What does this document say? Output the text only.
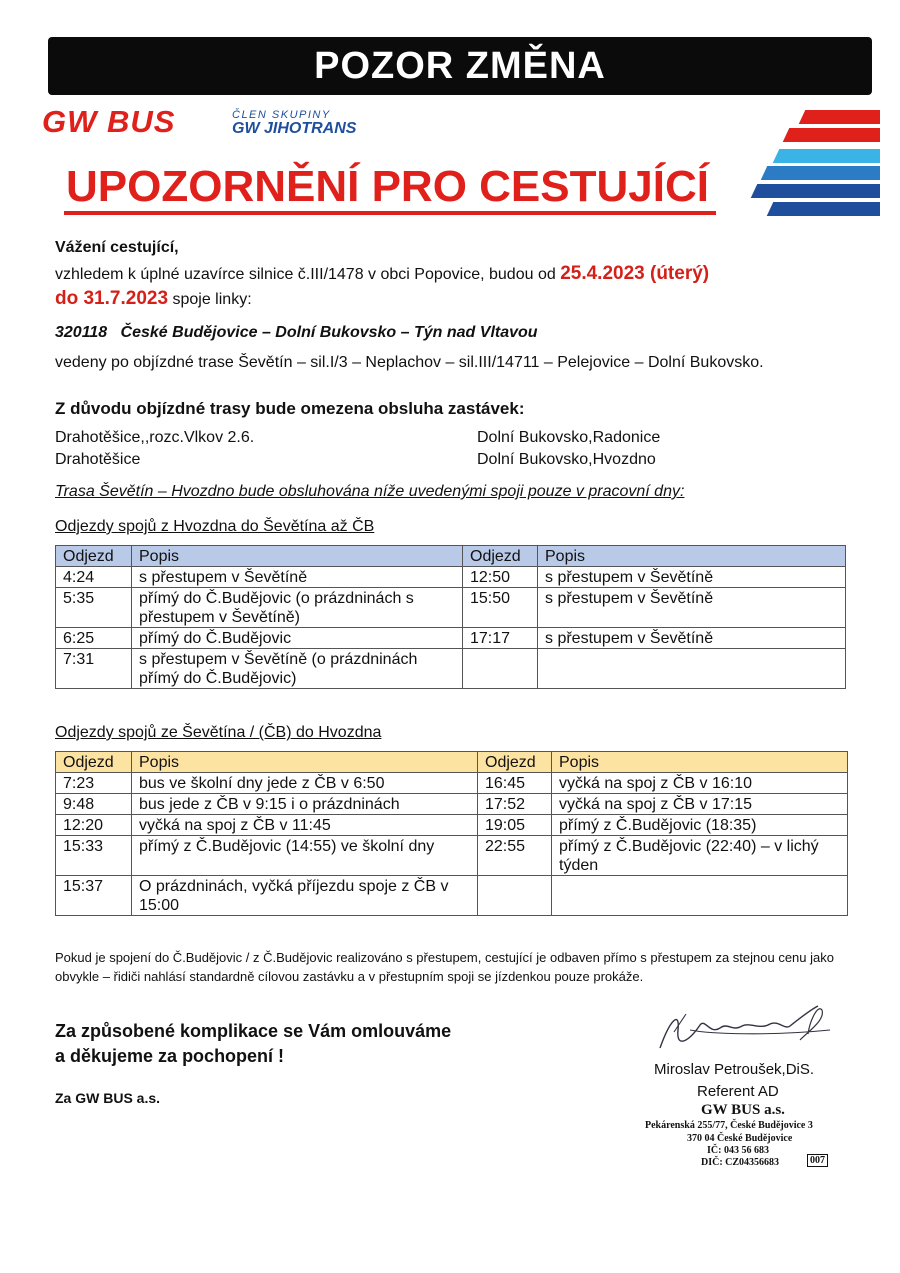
POZOR ZMĚNA
GW BUS	ČLEN SKUPINY
GW JIHOTRANS
UPOZORNĚNÍ PRO CESTUJÍCÍ
Vážení cestující,
vzhledem k úplné uzavírce silnice č.III/1478 v obci Popovice, budou od 25.4.2023 (úterý)
do 31.7.2023 spoje linky:
320118 České Budějovice – Dolní Bukovsko – Týn nad Vltavou
vedeny po objízdné trase Ševětín – sil.I/3 – Neplachov – sil.III/14711 – Pelejovice – Dolní Bukovsko.
Z důvodu objízdné trasy bude omezena obsluha zastávek:
Drahotěšice,,rozc.Vlkov 2.6.
Drahotěšice
Dolní Bukovsko,Radonice
Dolní Bukovsko,Hvozdno
Trasa Ševětín – Hvozdno bude obsluhována níže uvedenými spoji pouze v pracovní dny:
Odjezdy spojů z Hvozdna do Ševětína až ČB
Odjezd	Popis	Odjezd	Popis
4:24	s přestupem v Ševětíně	12:50	s přestupem v Ševětíně
5:35	přímý do Č.Budějovic (o prázdninách s přestupem v Ševětíně)	15:50	s přestupem v Ševětíně
6:25	přímý do Č.Budějovic	17:17	s přestupem v Ševětíně
7:31	s přestupem v Ševětíně (o prázdninách přímý do Č.Budějovic)		
Odjezdy spojů ze Ševětína / (ČB) do Hvozdna
Odjezd	Popis	Odjezd	Popis
7:23	bus ve školní dny jede z ČB v 6:50	16:45	vyčká na spoj z ČB v 16:10
9:48	bus jede z ČB v 9:15 i o prázdninách	17:52	vyčká na spoj z ČB v 17:15
12:20	vyčká na spoj z ČB v 11:45	19:05	přímý z Č.Budějovic (18:35)
15:33	přímý z Č.Budějovic (14:55) ve školní dny	22:55	přímý z Č.Budějovic (22:40) – v lichý týden
15:37	O prázdninách, vyčká příjezdu spoje z ČB v 15:00		
Pokud je spojení do Č.Budějovic / z Č.Budějovic realizováno s přestupem, cestující je odbaven přímo s přestupem za stejnou cenu jako obvykle – řidiči nahlásí standardně cílovou zastávku a v přestupním spoji se jízdenkou pouze prokáže.
Za způsobené komplikace se Vám omlouváme
a děkujeme za pochopení !
Za GW BUS a.s.
Miroslav Petroušek,DiS.
Referent AD
GW BUS a.s.
Pekárenská 255/77, České Budějovice 3
370 04 České Budějovice
IČ: 043 56 683
DIČ: CZ04356683	007
